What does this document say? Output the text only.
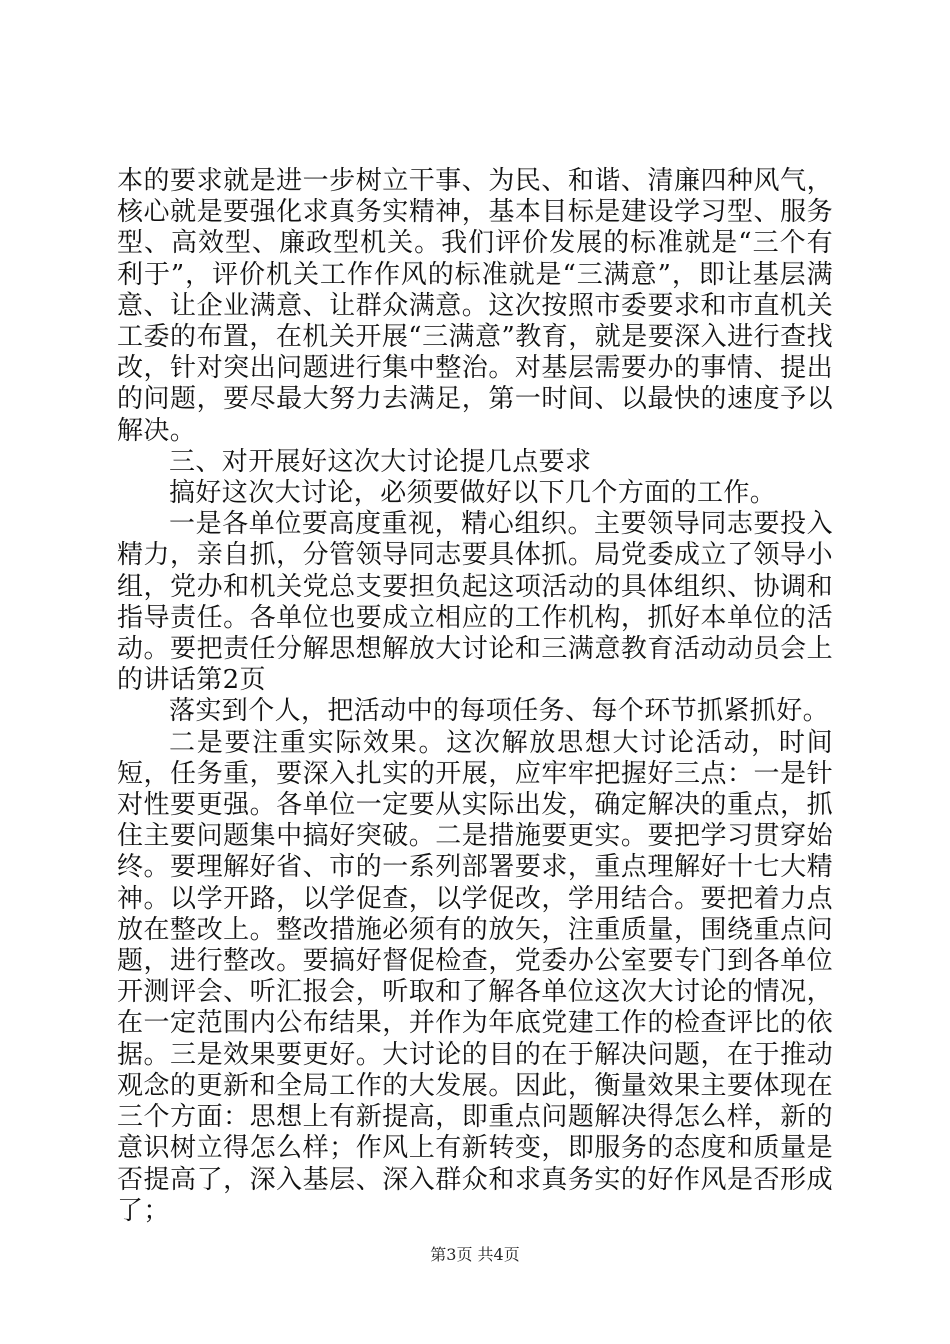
本的要求就是进一步树立干事、为民、和谐、清廉四种风气，核心就是要强化求真务实精神，基本目标是建设学习型、服务型、高效型、廉政型机关。我们评价发展的标准就是“三个有利于”，评价机关工作作风的标准就是“三满意”，即让基层满意、让企业满意、让群众满意。这次按照市委要求和市直机关工委的布置，在机关开展“三满意”教育，就是要深入进行查找改，针对突出问题进行集中整治。对基层需要办的事情、提出的问题，要尽最大努力去满足，第一时间、以最快的速度予以解决。

三、对开展好这次大讨论提几点要求

搞好这次大讨论，必须要做好以下几个方面的工作。

一是各单位要高度重视，精心组织。主要领导同志要投入精力，亲自抓，分管领导同志要具体抓。局党委成立了领导小组，党办和机关党总支要担负起这项活动的具体组织、协调和指导责任。各单位也要成立相应的工作机构，抓好本单位的活动。要把责任分解思想解放大讨论和三满意教育活动动员会上的讲话第2页

落实到个人，把活动中的每项任务、每个环节抓紧抓好。

二是要注重实际效果。这次解放思想大讨论活动，时间短，任务重，要深入扎实的开展，应牢牢把握好三点：一是针对性要更强。各单位一定要从实际出发，确定解决的重点，抓住主要问题集中搞好突破。二是措施要更实。要把学习贯穿始终。要理解好省、市的一系列部署要求，重点理解好十七大精神。以学开路，以学促查，以学促改，学用结合。要把着力点放在整改上。整改措施必须有的放矢，注重质量，围绕重点问题，进行整改。要搞好督促检查，党委办公室要专门到各单位开测评会、听汇报会，听取和了解各单位这次大讨论的情况，在一定范围内公布结果，并作为年底党建工作的检查评比的依据。三是效果要更好。大讨论的目的在于解决问题，在于推动观念的更新和全局工作的大发展。因此，衡量效果主要体现在三个方面：思想上有新提高，即重点问题解决得怎么样，新的意识树立得怎么样；作风上有新转变，即服务的态度和质量是否提高了，深入基层、深入群众和求真务实的好作风是否形成了；

第3页 共4页
